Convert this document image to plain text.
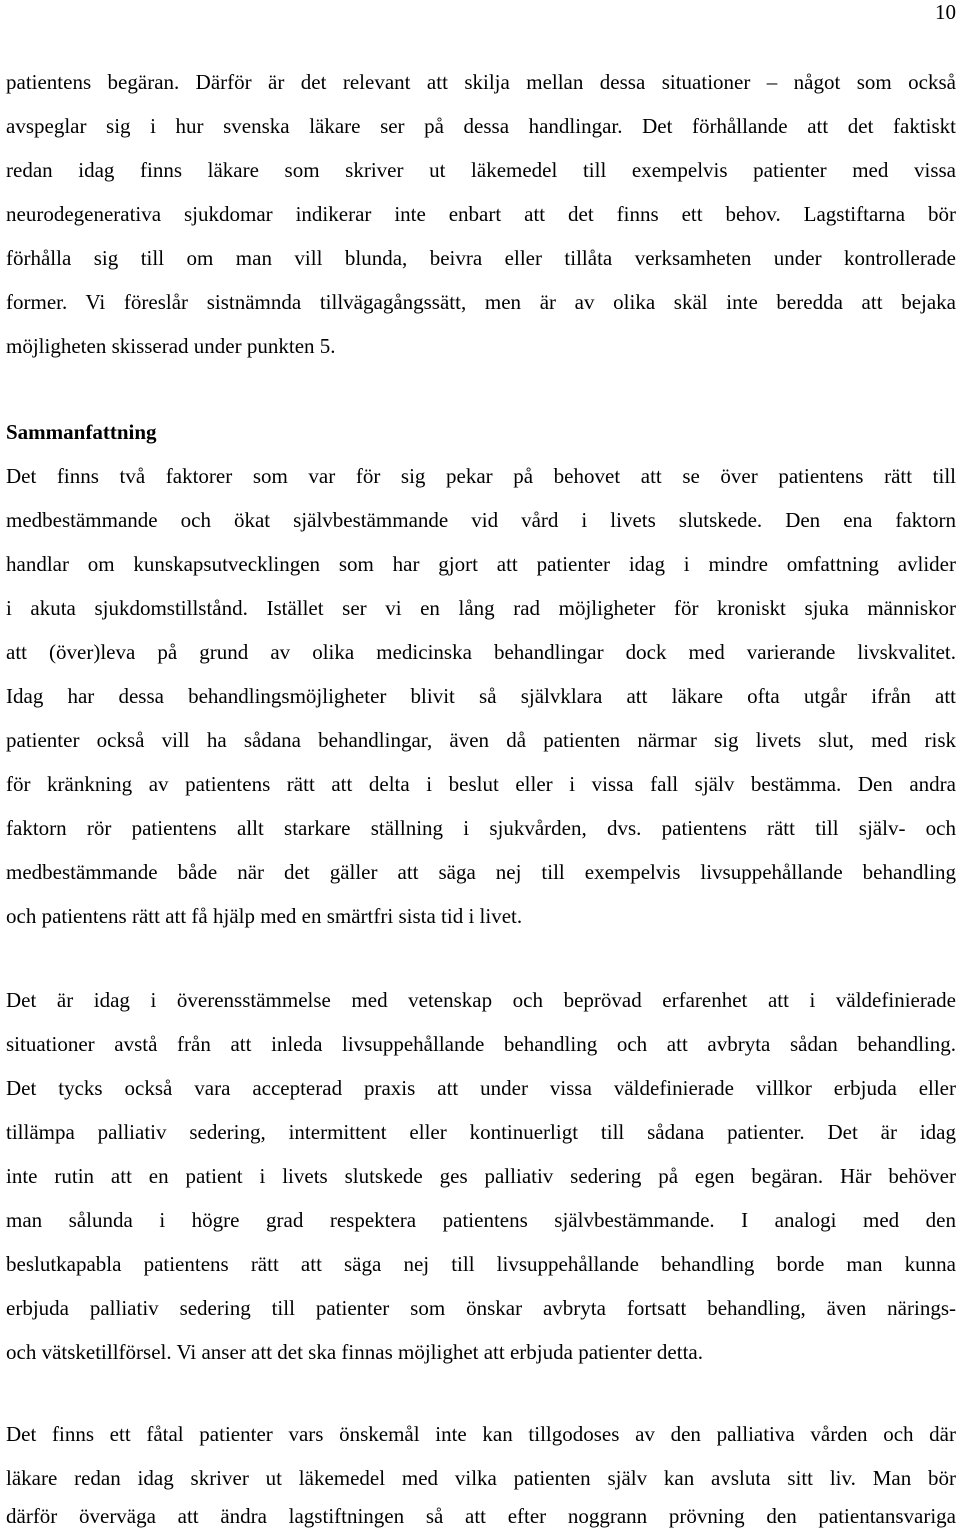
10
patientens begäran. Därför är det relevant att skilja mellan dessa situationer – något som också
avspeglar sig i hur svenska läkare ser på dessa handlingar. Det förhållande att det faktiskt
redan idag finns läkare som skriver ut läkemedel till exempelvis patienter med vissa
neurodegenerativa sjukdomar indikerar inte enbart att det finns ett behov. Lagstiftarna bör
förhålla sig till om man vill blunda, beivra eller tillåta verksamheten under kontrollerade
former. Vi föreslår sistnämnda tillvägagångssätt, men är av olika skäl inte beredda att bejaka
möjligheten skisserad under punkten 5.
Sammanfattning
Det finns två faktorer som var för sig pekar på behovet att se över patientens rätt till
medbestämmande och ökat självbestämmande vid vård i livets slutskede. Den ena faktorn
handlar om kunskapsutvecklingen som har gjort att patienter idag i mindre omfattning avlider
i akuta sjukdomstillstånd. Istället ser vi en lång rad möjligheter för kroniskt sjuka människor
att (över)leva på grund av olika medicinska behandlingar dock med varierande livskvalitet.
Idag har dessa behandlingsmöjligheter blivit så självklara att läkare ofta utgår ifrån att
patienter också vill ha sådana behandlingar, även då patienten närmar sig livets slut, med risk
för kränkning av patientens rätt att delta i beslut eller i vissa fall själv bestämma. Den andra
faktorn rör patientens allt starkare ställning i sjukvården, dvs. patientens rätt till själv- och
medbestämmande både när det gäller att säga nej till exempelvis livsuppehållande behandling
och patientens rätt att få hjälp med en smärtfri sista tid i livet.
Det är idag i överensstämmelse med vetenskap och beprövad erfarenhet att i väldefinierade
situationer avstå från att inleda livsuppehållande behandling och att avbryta sådan behandling.
Det tycks också vara accepterad praxis att under vissa väldefinierade villkor erbjuda eller
tillämpa palliativ sedering, intermittent eller kontinuerligt till sådana patienter. Det är idag
inte rutin att en patient i livets slutskede ges palliativ sedering på egen begäran. Här behöver
man sålunda i högre grad respektera patientens självbestämmande. I analogi med den
beslutkapabla patientens rätt att säga nej till livsuppehållande behandling borde man kunna
erbjuda palliativ sedering till patienter som önskar avbryta fortsatt behandling, även närings-
och vätsketillförsel. Vi anser att det ska finnas möjlighet att erbjuda patienter detta.
Det finns ett fåtal patienter vars önskemål inte kan tillgodoses av den palliativa vården och där
läkare redan idag skriver ut läkemedel med vilka patienten själv kan avsluta sitt liv. Man bör
därför överväga att ändra lagstiftningen så att efter noggrann prövning den patientansvariga
